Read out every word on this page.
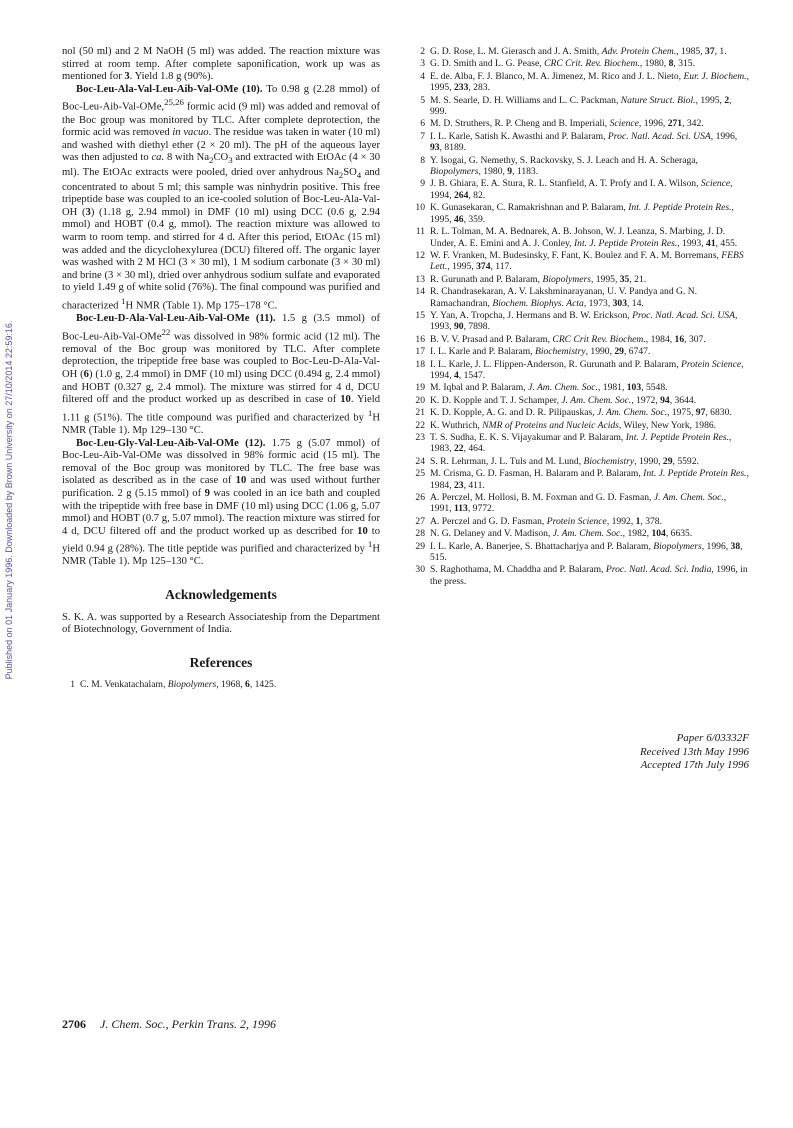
Published on 01 January 1996. Downloaded by Brown University on 27/10/2014 22:59:16.

nol (50 ml) and 2 M NaOH (5 ml) was added. The reaction mixture was stirred at room temp. After complete saponification, work up was as mentioned for 3. Yield 1.8 g (90%).

Boc-Leu-Ala-Val-Leu-Aib-Val-OMe (10). To 0.98 g (2.28 mmol) of Boc-Leu-Aib-Val-OMe,$^{25,26}$ formic acid (9 ml) was added and removal of the Boc group was monitored by TLC. After complete deprotection, the formic acid was removed in vacuo. The residue was taken in water (10 ml) and washed with diethyl ether (2 × 20 ml). The pH of the aqueous layer was then adjusted to ca. 8 with $Na_2CO_3$ and extracted with EtOAc (4 × 30 ml). The EtOAc extracts were pooled, dried over anhydrous $Na_2SO_4$ and concentrated to about 5 ml; this sample was ninhydrin positive. This free tripeptide base was coupled to an ice-cooled solution of Boc-Leu-Ala-Val-OH (3) (1.18 g, 2.94 mmol) in DMF (10 ml) using DCC (0.6 g, 2.94 mmol) and HOBT (0.4 g, mmol). The reaction mixture was allowed to warm to room temp. and stirred for 4 d. After this period, EtOAc (15 ml) was added and the dicyclohexylurea (DCU) filtered off. The organic layer was washed with 2 M HCl (3 × 30 ml), 1 M sodium carbonate (3 × 30 ml) and brine (3 × 30 ml), dried over anhydrous sodium sulfate and evaporated to yield 1.49 g of white solid (76%). The final compound was purified and characterized $^1$H NMR (Table 1). Mp 175–178 °C.

Boc-Leu-D-Ala-Val-Leu-Aib-Val-OMe (11). 1.5 g (3.5 mmol) of Boc-Leu-Aib-Val-OMe$^{22}$ was dissolved in 98% formic acid (12 ml). The removal of the Boc group was monitored by TLC. After complete deprotection, the tripeptide free base was coupled to Boc-Leu-D-Ala-Val-OH (6) (1.0 g, 2.4 mmol) in DMF (10 ml) using DCC (0.494 g, 2.4 mmol) and HOBT (0.327 g, 2.4 mmol). The mixture was stirred for 4 d, DCU filtered off and the product worked up as described in case of 10. Yield 1.11 g (51%). The title compound was purified and characterized by $^1$H NMR (Table 1). Mp 129–130 °C.

Boc-Leu-Gly-Val-Leu-Aib-Val-OMe (12). 1.75 g (5.07 mmol) of Boc-Leu-Aib-Val-OMe was dissolved in 98% formic acid (15 ml). The removal of the Boc group was monitored by TLC. The free base was isolated as described as in the case of 10 and was used without further purification. 2 g (5.15 mmol) of 9 was cooled in an ice bath and coupled with the tripeptide with free base in DMF (10 ml) using DCC (1.06 g, 5.07 mmol) and HOBT (0.7 g, 5.07 mmol). The reaction mixture was stirred for 4 d, DCU filtered off and the product worked up as described for 10 to yield 0.94 g (28%). The title peptide was purified and characterized by $^1$H NMR (Table 1). Mp 125–130 °C.

Acknowledgements

S. K. A. was supported by a Research Associateship from the Department of Biotechnology, Government of India.

References
1 C. M. Venkatachalam, Biopolymers, 1968, 6, 1425.
2 G. D. Rose, L. M. Gierasch and J. A. Smith, Adv. Protein Chem., 1985, 37, 1.
3 G. D. Smith and L. G. Pease, CRC Crit. Rev. Biochem., 1980, 8, 315.
4 E. de. Alba, F. J. Blanco, M. A. Jimenez, M. Rico and J. L. Nieto, Eur. J. Biochem., 1995, 233, 283.
5 M. S. Searle, D. H. Williams and L. C. Packman, Nature Struct. Biol., 1995, 2, 999.
6 M. D. Struthers, R. P. Cheng and B. Imperiali, Science, 1996, 271, 342.
7 I. L. Karle, Satish K. Awasthi and P. Balaram, Proc. Natl. Acad. Sci. USA, 1996, 93, 8189.
8 Y. Isogai, G. Nemethy, S. Rackovsky, S. J. Leach and H. A. Scheraga, Biopolymers, 1980, 9, 1183.
9 J. B. Ghiara, E. A. Stura, R. L. Stanfield, A. T. Profy and I. A. Wilson, Science, 1994, 264, 82.
10 K. Gunasekaran, C. Ramakrishnan and P. Balaram, Int. J. Peptide Protein Res., 1995, 46, 359.
11 R. L. Tolman, M. A. Bednarek, A. B. Johson, W. J. Leanza, S. Marbing, J. D. Under, A. E. Emini and A. J. Conley, Int. J. Peptide Protein Res., 1993, 41, 455.
12 W. F. Vranken, M. Budesinsky, F. Fant, K. Boulez and F. A. M. Borremans, FEBS Lett., 1995, 374, 117.
13 R. Gurunath and P. Balaram, Biopolymers, 1995, 35, 21.
14 R. Chandrasekaran, A. V. Lakshminarayanan, U. V. Pandya and G. N. Ramachandran, Biochem. Biophys. Acta, 1973, 303, 14.
15 Y. Yan, A. Tropcha, J. Hermans and B. W. Erickson, Proc. Natl. Acad. Sci. USA, 1993, 90, 7898.
16 B. V. V. Prasad and P. Balaram, CRC Crit Rev. Biochem., 1984, 16, 307.
17 I. L. Karle and P. Balaram, Biochemistry, 1990, 29, 6747.
18 I. L. Karle, J. L. Flippen-Anderson, R. Gurunath and P. Balaram, Protein Science, 1994, 4, 1547.
19 M. Iqbal and P. Balaram, J. Am. Chem. Soc., 1981, 103, 5548.
20 K. D. Kopple and T. J. Schamper, J. Am. Chem. Soc., 1972, 94, 3644.
21 K. D. Kopple, A. G. and D. R. Pilipauskas, J. Am. Chem. Soc., 1975, 97, 6830.
22 K. Wuthrich, NMR of Proteins and Nucleic Acids, Wiley, New York, 1986.
23 T. S. Sudha, E. K. S. Vijayakumar and P. Balaram, Int. J. Peptide Protein Res., 1983, 22, 464.
24 S. R. Lehrman, J. L. Tuls and M. Lund, Biochemistry, 1990, 29, 5592.
25 M. Crisma, G. D. Fasman, H. Balaram and P. Balaram, Int. J. Peptide Protein Res., 1984, 23, 411.
26 A. Perczel, M. Hollosi, B. M. Foxman and G. D. Fasman, J. Am. Chem. Soc., 1991, 113, 9772.
27 A. Perczel and G. D. Fasman, Protein Science, 1992, 1, 378.
28 N. G. Delaney and V. Madison, J. Am. Chem. Soc., 1982, 104, 6635.
29 I. L. Karle, A. Banerjee, S. Bhattacharjya and P. Balaram, Biopolymers, 1996, 38, 515.
30 S. Raghothama, M. Chaddha and P. Balaram, Proc. Natl. Acad. Sci. India, 1996, in the press.
Paper 6/03332F
Received 13th May 1996
Accepted 17th July 1996
2706 J. Chem. Soc., Perkin Trans. 2, 1996
